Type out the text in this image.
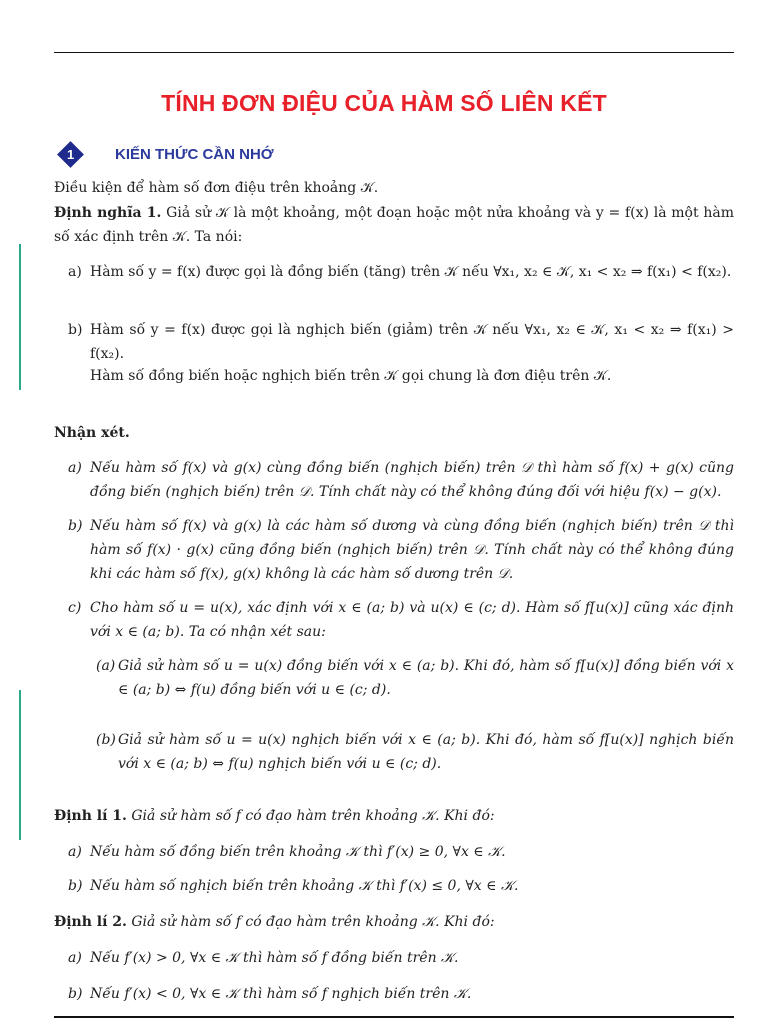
TÍNH ĐƠN ĐIỆU CỦA HÀM SỐ LIÊN KẾT
1	KIẾN THỨC CẦN NHỚ
Điều kiện để hàm số đơn điệu trên khoảng 𝒦.
Định nghĩa 1. Giả sử 𝒦 là một khoảng, một đoạn hoặc một nửa khoảng và y = f(x) là một hàm số xác định trên 𝒦. Ta nói:
a) Hàm số y = f(x) được gọi là đồng biến (tăng) trên 𝒦 nếu ∀x₁, x₂ ∈ 𝒦, x₁ < x₂ ⇒ f(x₁) < f(x₂).
b) Hàm số y = f(x) được gọi là nghịch biến (giảm) trên 𝒦 nếu ∀x₁, x₂ ∈ 𝒦, x₁ < x₂ ⇒ f(x₁) > f(x₂).
Hàm số đồng biến hoặc nghịch biến trên 𝒦 gọi chung là đơn điệu trên 𝒦.
Nhận xét.
a) Nếu hàm số f(x) và g(x) cùng đồng biến (nghịch biến) trên 𝒟 thì hàm số f(x) + g(x) cũng đồng biến (nghịch biến) trên 𝒟. Tính chất này có thể không đúng đối với hiệu f(x) − g(x).
b) Nếu hàm số f(x) và g(x) là các hàm số dương và cùng đồng biến (nghịch biến) trên 𝒟 thì hàm số f(x) · g(x) cũng đồng biến (nghịch biến) trên 𝒟. Tính chất này có thể không đúng khi các hàm số f(x), g(x) không là các hàm số dương trên 𝒟.
c) Cho hàm số u = u(x), xác định với x ∈ (a; b) và u(x) ∈ (c; d). Hàm số f[u(x)] cũng xác định với x ∈ (a; b). Ta có nhận xét sau:
(a) Giả sử hàm số u = u(x) đồng biến với x ∈ (a; b). Khi đó, hàm số f[u(x)] đồng biến với x ∈ (a; b) ⇔ f(u) đồng biến với u ∈ (c; d).
(b) Giả sử hàm số u = u(x) nghịch biến với x ∈ (a; b). Khi đó, hàm số f[u(x)] nghịch biến với x ∈ (a; b) ⇔ f(u) nghịch biến với u ∈ (c; d).
Định lí 1. Giả sử hàm số f có đạo hàm trên khoảng 𝒦. Khi đó:
a) Nếu hàm số đồng biến trên khoảng 𝒦 thì f′(x) ≥ 0, ∀x ∈ 𝒦.
b) Nếu hàm số nghịch biến trên khoảng 𝒦 thì f′(x) ≤ 0, ∀x ∈ 𝒦.
Định lí 2. Giả sử hàm số f có đạo hàm trên khoảng 𝒦. Khi đó:
a) Nếu f′(x) > 0, ∀x ∈ 𝒦 thì hàm số f đồng biến trên 𝒦.
b) Nếu f′(x) < 0, ∀x ∈ 𝒦 thì hàm số f nghịch biến trên 𝒦.
